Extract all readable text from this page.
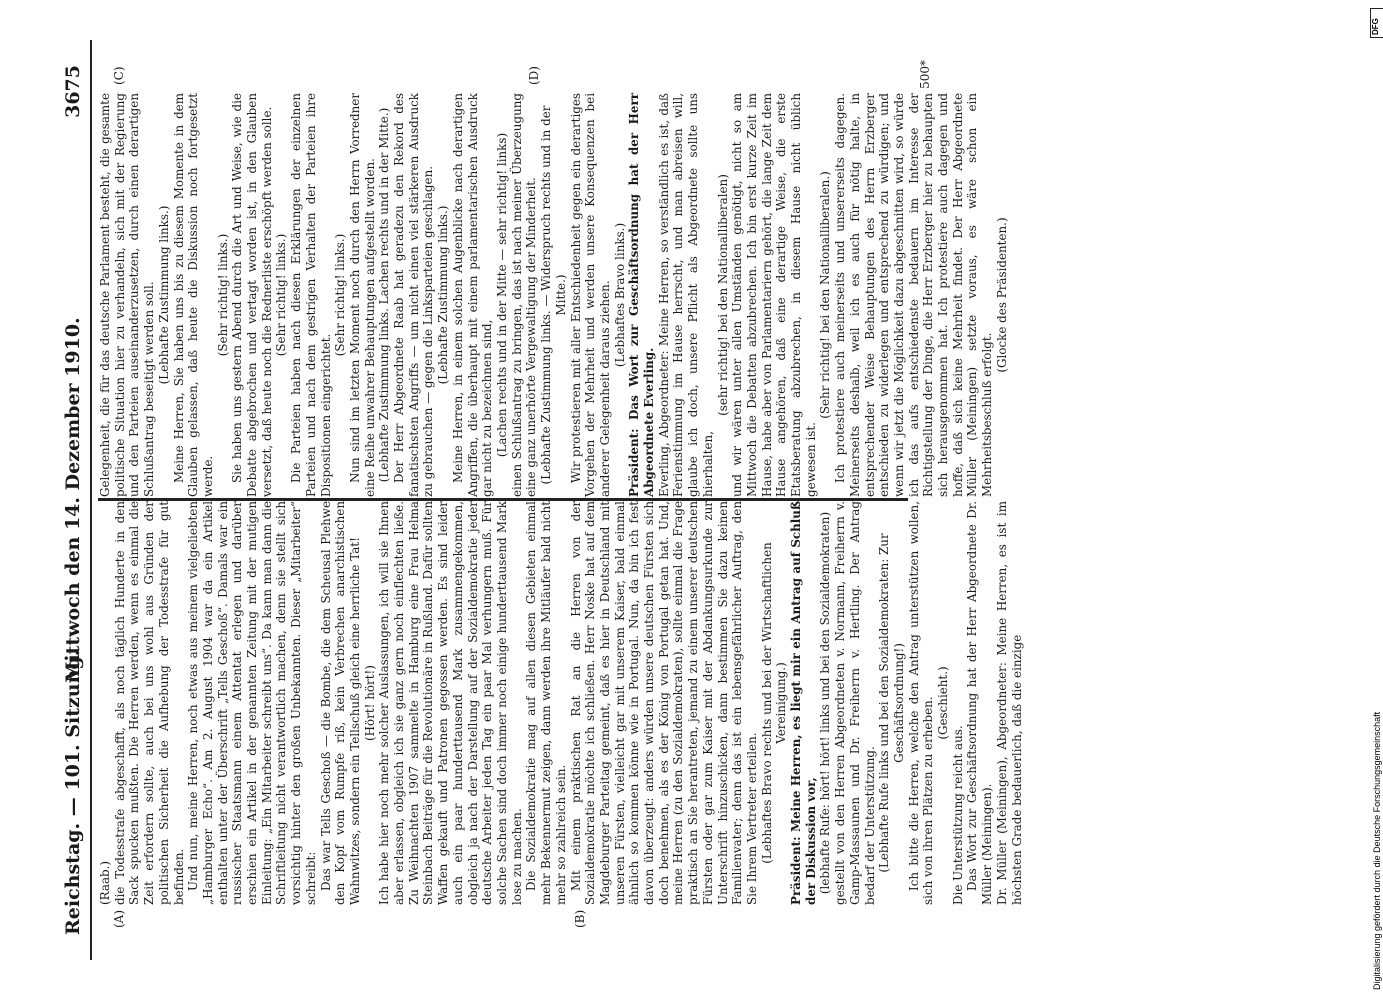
Reichstag. — 101. Sitzung.
Mittwoch den 14. Dezember 1910.
3675
(A)	(B)
(C)	(D)

(Raab.) die Todesstrafe abgeschafft, als noch täglich Hunderte in den Sack spucken mußten. Die Herren werden, wenn es einmal die Zeit erfordern sollte, auch bei uns wohl aus Gründen der politischen Sicherheit die Aufhebung der Todesstrafe für gut befinden. Und nun, meine Herren, noch etwas aus meinem vielgeliebten „Hamburger Echo“. Am 2. August 1904 war da ein Artikel enthalten unter der Überschrift „Tells Geschoß“. Damals war ein russischer Staatsmann einem Attentat erlegen und darüber erschien ein Artikel in der genannten Zeitung mit der mutigen Einleitung: „Ein Mitarbeiter schreibt uns“. Da kann man dann die Schriftleitung nicht verantwortlich machen, denn sie stellt sich vorsichtig hinter den großen Unbekannten. Dieser „Mitarbeiter“ schreibt: Das war Tells Geschoß — die Bombe, die dem Scheusal Plehwe den Kopf vom Rumpfe riß, kein Verbrechen anarchistischen Wahnwitzes, sondern ein Tellschuß gleich eine herrliche Tat! (Hört! hört!) Ich habe hier noch mehr solcher Auslassungen, ich will sie Ihnen aber erlassen, obgleich ich sie ganz gern noch einflechten ließe. Zu Weihnachten 1907 sammelte in Hamburg eine Frau Helma Steinbach Beiträge für die Revolutionäre in Rußland. Dafür sollten Waffen gekauft und Patronen gegossen werden. Es sind leider auch ein paar hunderttausend Mark zusammengekommen, obgleich ja nach der Darstellung auf der Sozialdemokratie jeder deutsche Arbeiter jeden Tag ein paar Mal verhungern muß. Für solche Sachen sind doch immer noch einige hunderttausend Mark lose zu machen. Die Sozialdemokratie mag auf allen diesen Gebieten einmal mehr Bekennermut zeigen, dann werden ihre Mitläufer bald nicht mehr so zahlreich sein. Mit einem praktischen Rat an die Herren von der Sozialdemokratie möchte ich schließen. Herr Noske hat auf dem Magdeburger Parteitag gemeint, daß es hier in Deutschland mit unseren Fürsten, vielleicht gar mit unserem Kaiser, bald einmal ähnlich so kommen könne wie in Portugal. Nun, da bin ich fest davon überzeugt: anders würden unsere deutschen Fürsten sich doch benehmen, als es der König von Portugal getan hat. Und, meine Herren (zu den Sozialdemokraten), sollte einmal die Frage praktisch an Sie herantreten, jemand zu einem unserer deutschen Fürsten oder gar zum Kaiser mit der Abdankungsurkunde zur Unterschrift hinzuschicken, dann bestimmen Sie dazu keinen Familienvater; denn das ist ein lebensgefährlicher Auftrag, den Sie Ihrem Vertreter erteilen. (Lebhaftes Bravo rechts und bei der Wirtschaftlichen Vereinigung.) Präsident: Meine Herren, es liegt mir ein Antrag auf Schluß der Diskussion vor, (lebhafte Rufe: hört! hört! links und bei den Sozialdemokraten) gestellt von den Herren Abgeordneten v. Normann, Freiherrn v. Gamp-Massaunen und Dr. Freiherrn v. Hertling. Der Antrag bedarf der Unterstützung. (Lebhafte Rufe links und bei den Sozialdemokraten: Zur Geschäftsordnung!) Ich bitte die Herren, welche den Antrag unterstützen wollen, sich von ihren Plätzen zu erheben. (Geschieht.)

Die Unterstützung reicht aus. Das Wort zur Geschäftsordnung hat der Herr Abgeordnete Dr. Müller (Meiningen). Dr. Müller (Meiningen), Abgeordneter: Meine Herren, es ist im höchsten Grade bedauerlich, daß die einzige

Gelegenheit, die für das deutsche Parlament besteht, die gesamte politische Situation hier zu verhandeln, sich mit der Regierung und den Parteien auseinanderzusetzen, durch einen derartigen Schlußantrag beseitigt werden soll. (Lebhafte Zustimmung links.) Meine Herren, Sie haben uns bis zu diesem Momente in dem Glauben gelassen, daß heute die Diskussion noch fortgesetzt werde.

(Sehr richtig! links.) Sie haben uns gestern Abend durch die Art und Weise, wie die Debatte abgebrochen und vertagt worden ist, in den Glauben versetzt, daß heute noch die Rednerliste erschöpft werden solle. (Sehr richtig! links.) Die Parteien haben nach diesen Erklärungen der einzelnen Parteien und nach dem gestrigen Verhalten der Parteien ihre Dispositionen eingerichtet.

(Sehr richtig! links.) Nun sind im letzten Moment noch durch den Herrn Vorredner eine Reihe unwahrer Behauptungen aufgestellt worden. (Lebhafte Zustimmung links. Lachen rechts und in der Mitte.) Der Herr Abgeordnete Raab hat geradezu den Rekord des fanatischsten Angriffs — um nicht einen viel stärkeren Ausdruck zu gebrauchen — gegen die Linksparteien geschlagen. (Lebhafte Zustimmung links.) Meine Herren, in einem solchen Augenblicke nach derartigen Angriffen, die überhaupt mit einem parlamentarischen Ausdruck gar nicht zu bezeichnen sind, (Lachen rechts und in der Mitte — sehr richtig! links) einen Schlußantrag zu bringen, das ist nach meiner Überzeugung eine ganz unerhörte Vergewaltigung der Minderheit. (Lebhafte Zustimmung links. — Widerspruch rechts und in der Mitte.) Wir protestieren mit aller Entschiedenheit gegen ein derartiges Vorgehen der Mehrheit und werden unsere Konsequenzen bei anderer Gelegenheit daraus ziehen. (Lebhaftes Bravo links.) Präsident: Das Wort zur Geschäftsordnung hat der Herr Abgeordnete Everling. Everling, Abgeordneter: Meine Herren, so verständlich es ist, daß Ferienstimmung im Hause herrscht, und man abreisen will, glaube ich doch, unsere Pflicht als Abgeordnete sollte uns hierhalten,

(sehr richtig! bei den Nationalliberalen) und wir wären unter allen Umständen genötigt, nicht so am Mittwoch die Debatten abzubrechen. Ich bin erst kurze Zeit im Hause, habe aber von Parlamentariern gehört, die lange Zeit dem Hause angehören, daß eine derartige Weise, die erste Etatsberatung abzubrechen, in diesem Hause nicht üblich gewesen ist.

(Sehr richtig! bei den Nationalliberalen.) Ich protestiere auch meinerseits und unsererseits dagegen. Meinerseits deshalb, weil ich es auch für nötig halte, in entsprechender Weise Behauptungen des Herrn Erzberger entschieden zu widerlegen und entsprechend zu würdigen; und wenn wir jetzt die Möglichkeit dazu abgeschnitten wird, so würde ich das aufs entschiedenste bedauern im Interesse der Richtigstellung der Dinge, die Herr Erzberger hier zu behaupten sich herausgenommen hat. Ich protestiere auch dagegen und hoffe, daß sich keine Mehrheit findet. Der Herr Abgeordnete Müller (Meiningen) setzte voraus, es wäre schon ein Mehrheitsbeschluß erfolgt.

(Glocke des Präsidenten.)

500*
Digitalisierung gefördert durch die Deutsche Forschungsgemeinschaft
DFG
